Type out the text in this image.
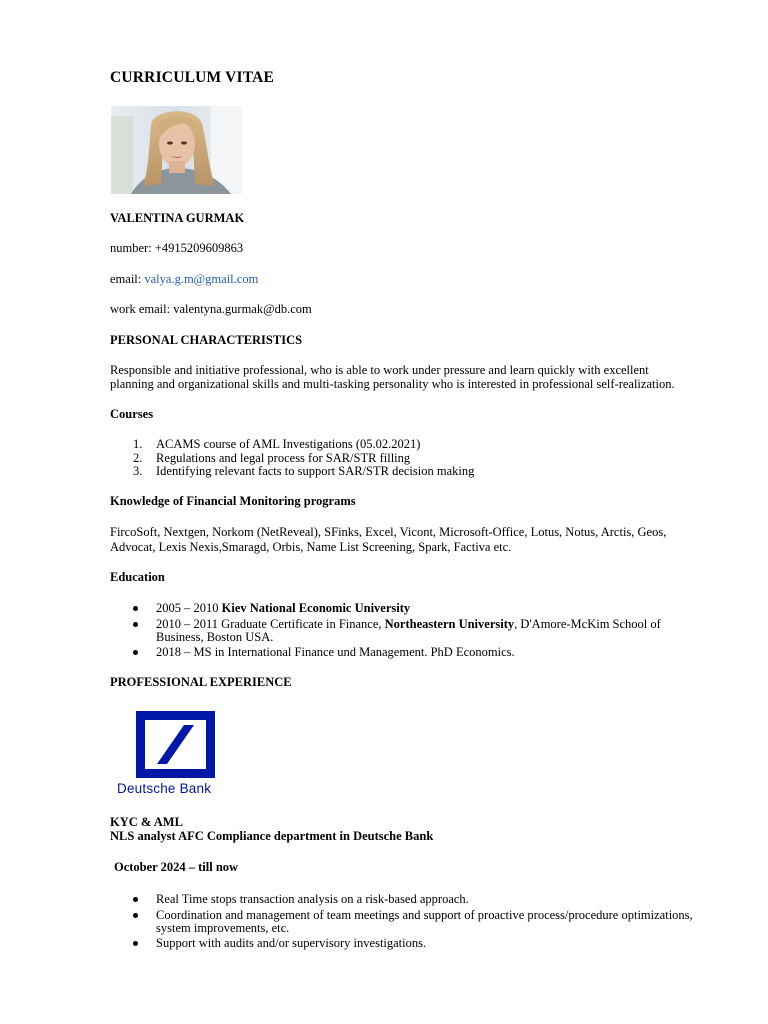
CURRICULUM VITAE
VALENTINA GURMAK
number: +4915209609863
email: valya.g.m@gmail.com
work email: valentyna.gurmak@db.com
PERSONAL CHARACTERISTICS
Responsible and initiative professional, who is able to work under pressure and learn quickly with excellent
planning and organizational skills and multi-tasking personality who is interested in professional self-realization.
Courses
1. ACAMS course of AML Investigations (05.02.2021)
2. Regulations and legal process for SAR/STR filling
3. Identifying relevant facts to support SAR/STR decision making
Knowledge of Financial Monitoring programs
FircoSoft, Nextgen, Norkom (NetReveal), SFinks, Excel, Vicont, Microsoft-Office, Lotus, Notus, Arctis, Geos,
Advocat, Lexis Nexis,Smaragd, Orbis, Name List Screening, Spark, Factiva etc.
Education
2005 – 2010 Kiev National Economic University
2010 – 2011 Graduate Certificate in Finance, Northeastern University, D'Amore-McKim School of
Business, Boston USA.
2018 – MS in International Finance und Management. PhD Economics.
PROFESSIONAL EXPERIENCE
Deutsche Bank
KYC & AML
NLS analyst AFC Compliance department in Deutsche Bank
October 2024 – till now
Real Time stops transaction analysis on a risk-based approach.
Coordination and management of team meetings and support of proactive process/procedure optimizations,
system improvements, etc.
Support with audits and/or supervisory investigations.
